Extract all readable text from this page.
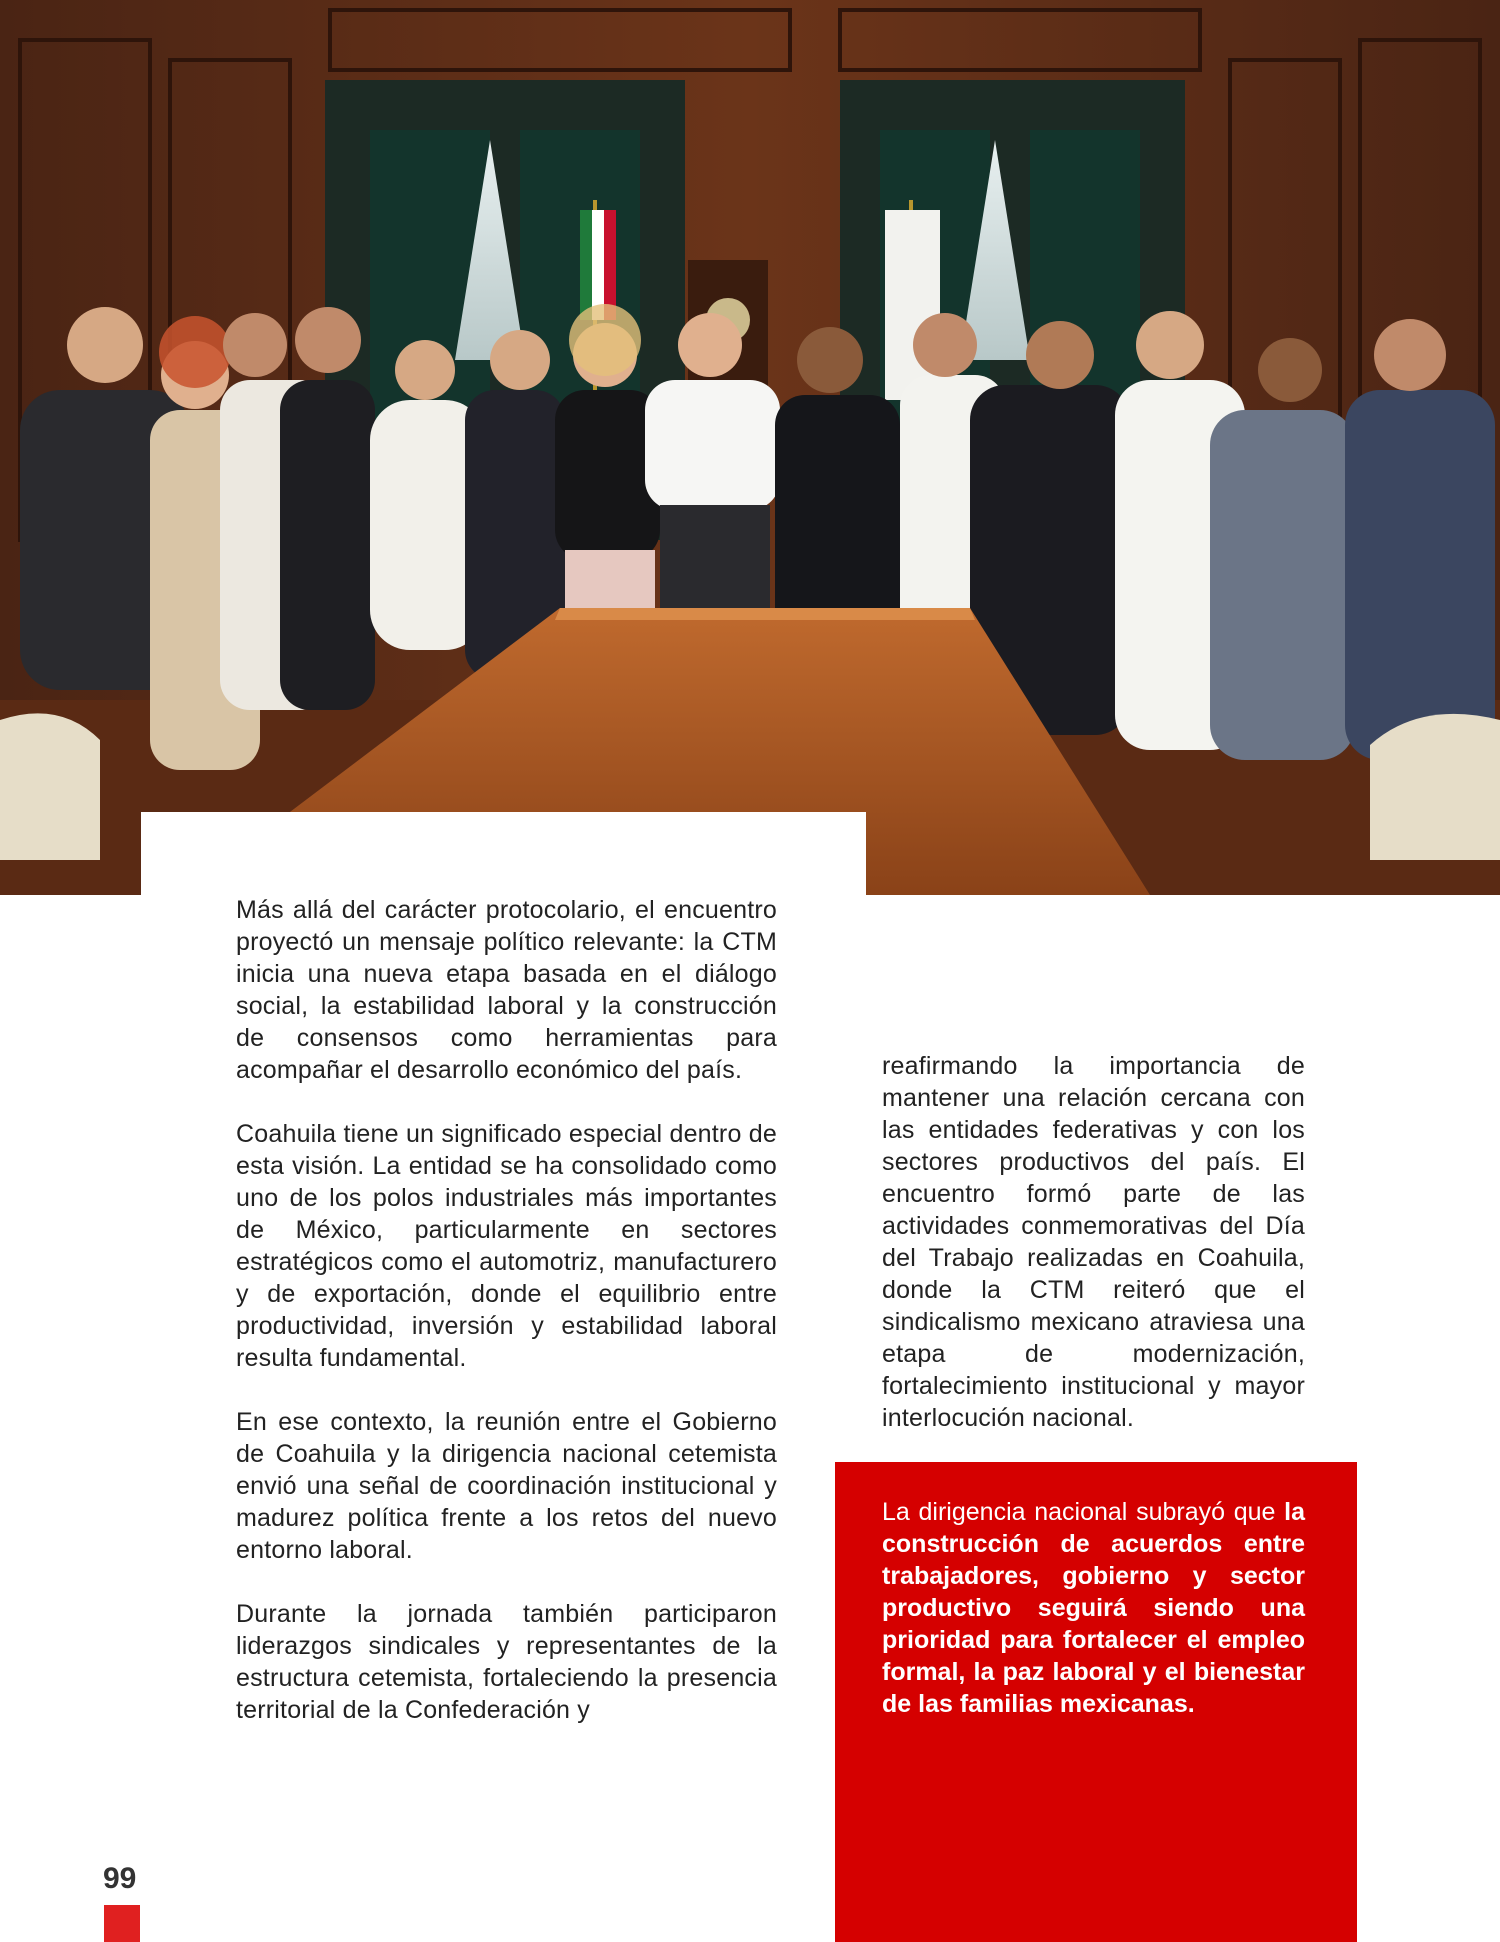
Más allá del carácter protocolario, el encuentro proyectó un mensaje político relevante: la CTM inicia una nueva etapa basada en el diálogo social, la estabilidad laboral y la construcción de consensos como herramientas para acompañar el desarrollo económico del país.

Coahuila tiene un significado especial dentro de esta visión. La entidad se ha consolidado como uno de los polos industriales más importantes de México, particularmente en sectores estratégicos como el automotriz, manufacturero y de exportación, donde el equilibrio entre productividad, inversión y estabilidad laboral resulta fundamental.

En ese contexto, la reunión entre el Gobierno de Coahuila y la dirigencia nacional cetemista envió una señal de coordinación institucional y madurez política frente a los retos del nuevo entorno laboral.

Durante la jornada también participaron liderazgos sindicales y representantes de la estructura cetemista, fortaleciendo la presencia territorial de la Confederación y

reafirmando la importancia de mantener una relación cercana con las entidades federativas y con los sectores productivos del país. El encuentro formó parte de las actividades conmemorativas del Día del Trabajo realizadas en Coahuila, donde la CTM reiteró que el sindicalismo mexicano atraviesa una etapa de modernización, fortalecimiento institucional y mayor interlocución nacional.

La dirigencia nacional subrayó que la construcción de acuerdos entre trabajadores, gobierno y sector productivo seguirá siendo una prioridad para fortalecer el empleo formal, la paz laboral y el bienestar de las familias mexicanas.
99
